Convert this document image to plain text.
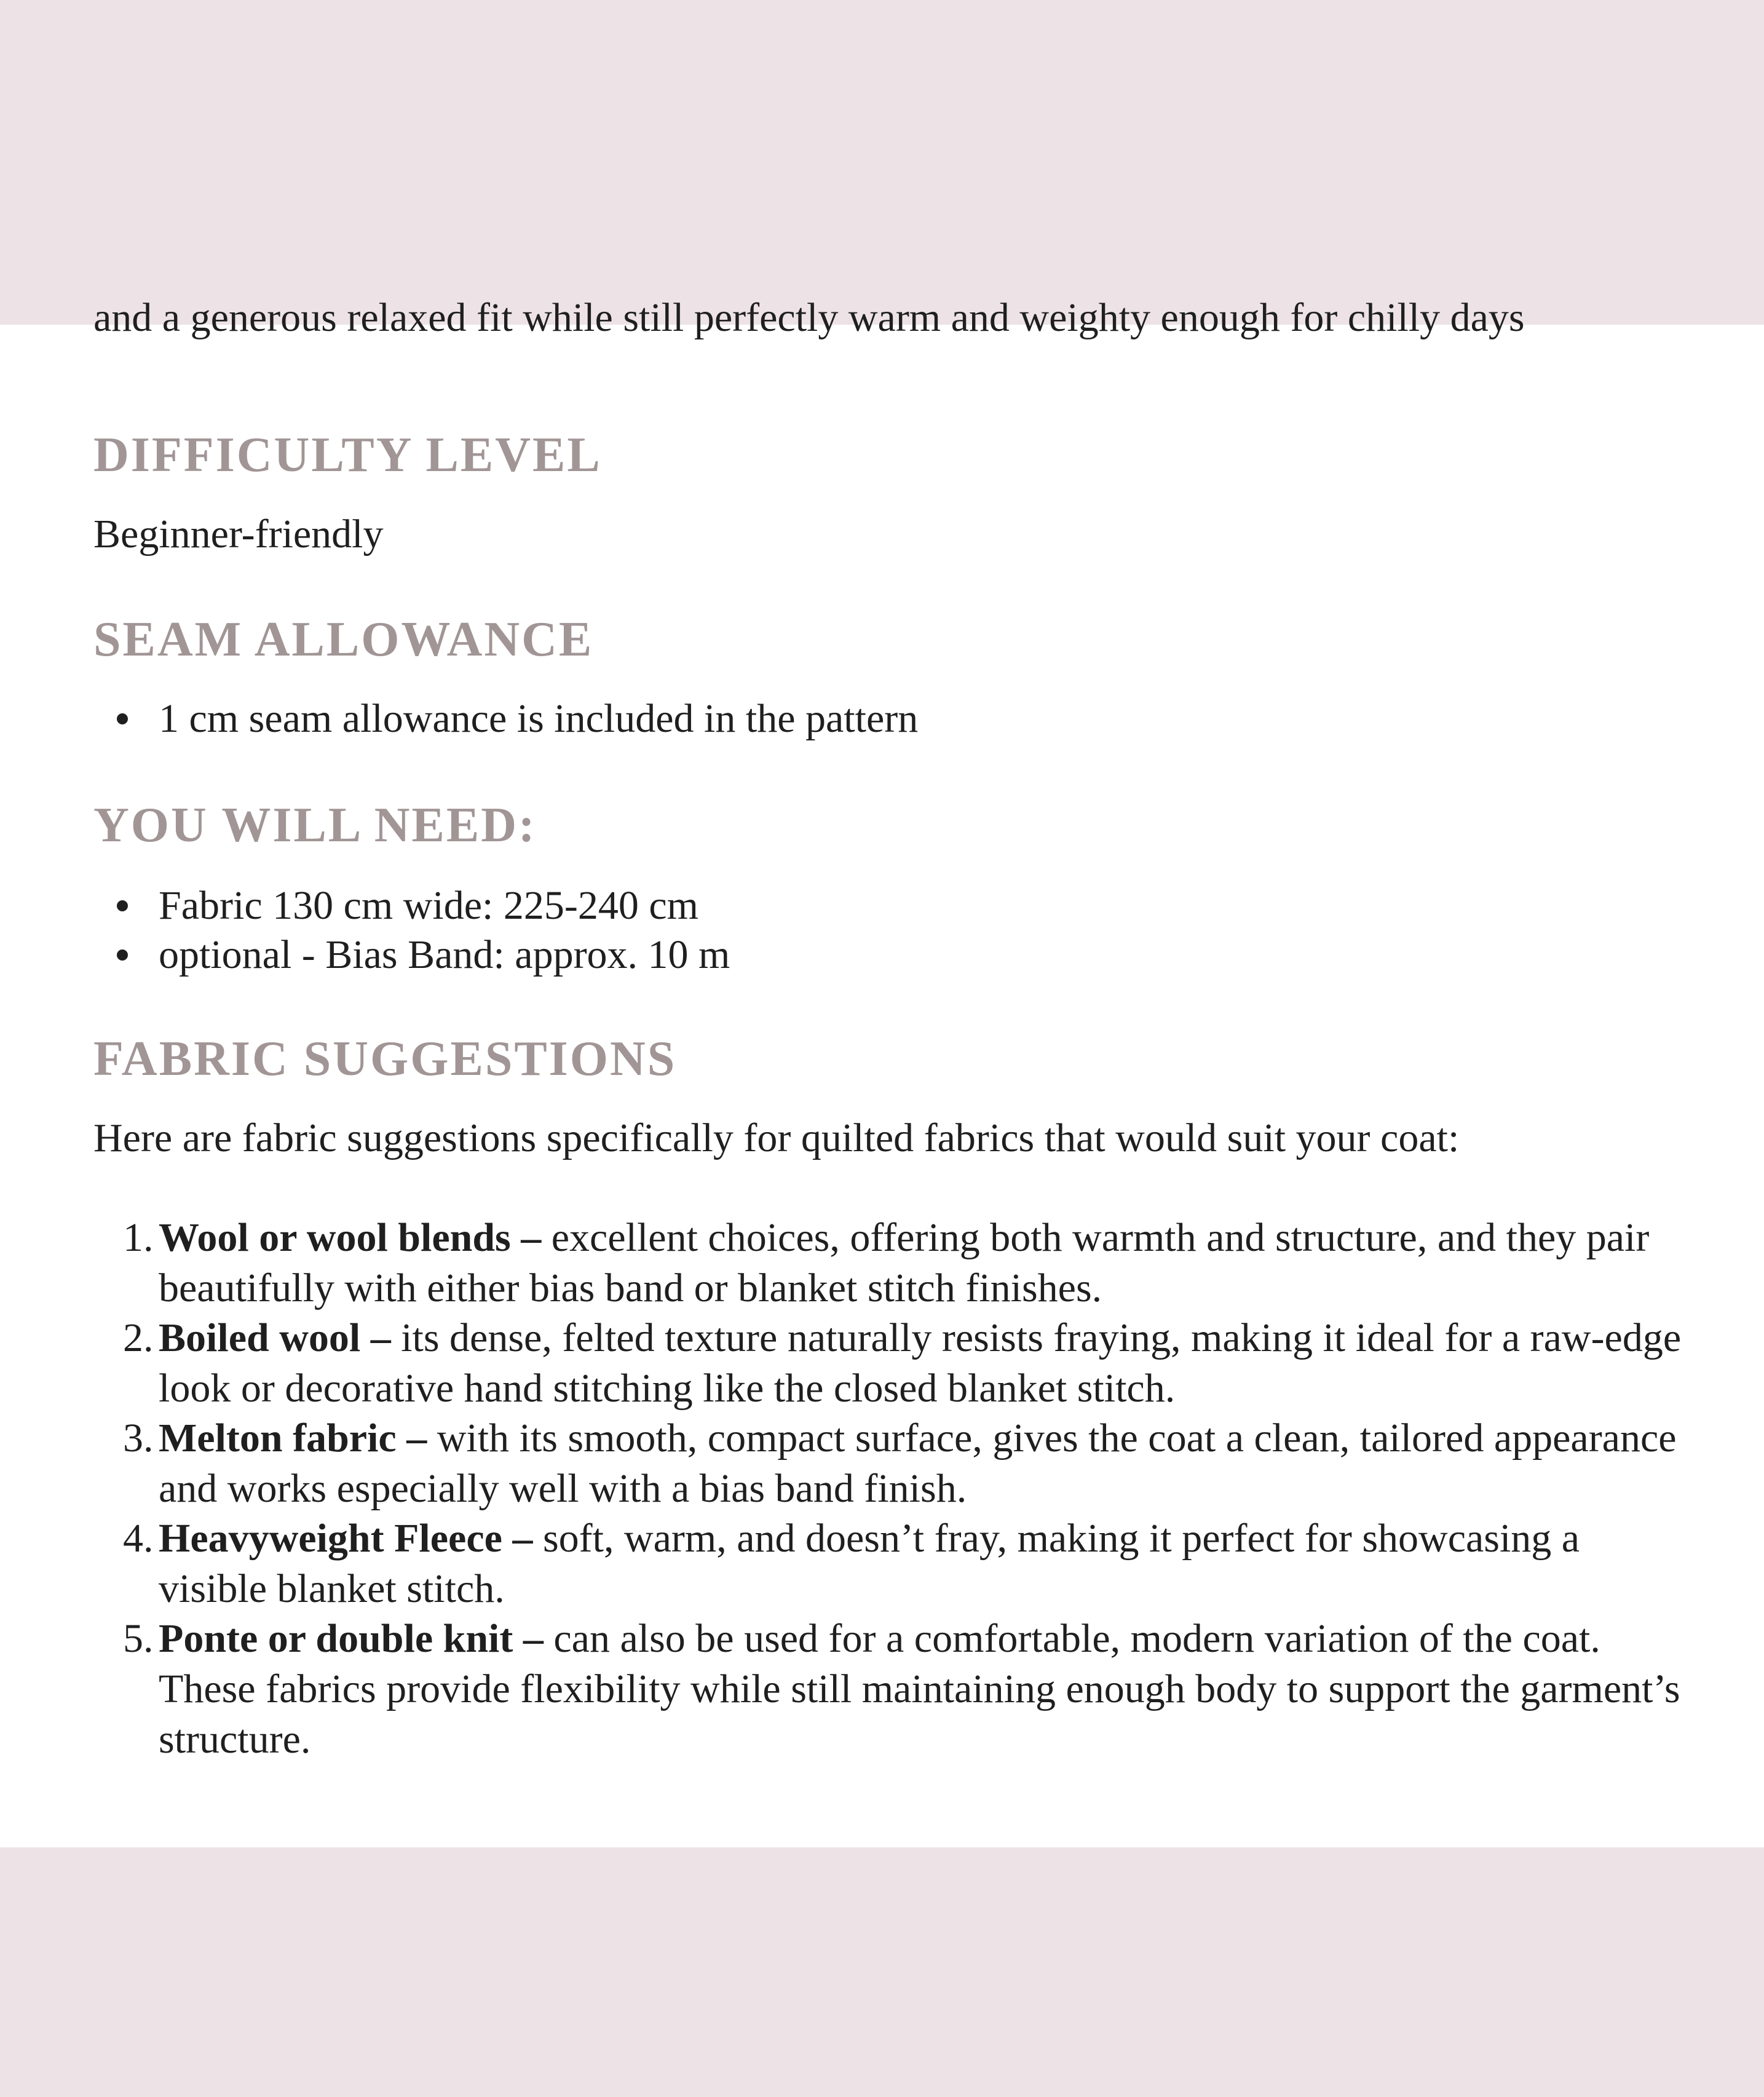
and a generous relaxed fit while still perfectly warm and weighty enough for chilly days
DIFFICULTY LEVEL

Beginner-friendly

SEAM ALLOWANCE
1 cm seam allowance is included in the pattern
YOU WILL NEED:
Fabric 130 cm wide: 225-240 cm
optional - Bias Band: approx. 10 m
FABRIC SUGGESTIONS

Here are fabric suggestions specifically for quilted fabrics that would suit your coat:

1. Wool or wool blends – excellent choices, offering both warmth and structure, and they pair
beautifully with either bias band or blanket stitch finishes.
2. Boiled wool – its dense, felted texture naturally resists fraying, making it ideal for a raw-edge
look or decorative hand stitching like the closed blanket stitch.
3. Melton fabric – with its smooth, compact surface, gives the coat a clean, tailored appearance
and works especially well with a bias band finish.
4. Heavyweight Fleece – soft, warm, and doesn’t fray, making it perfect for showcasing a
visible blanket stitch.
5. Ponte or double knit – can also be used for a comfortable, modern variation of the coat.
These fabrics provide flexibility while still maintaining enough body to support the garment’s
structure.
